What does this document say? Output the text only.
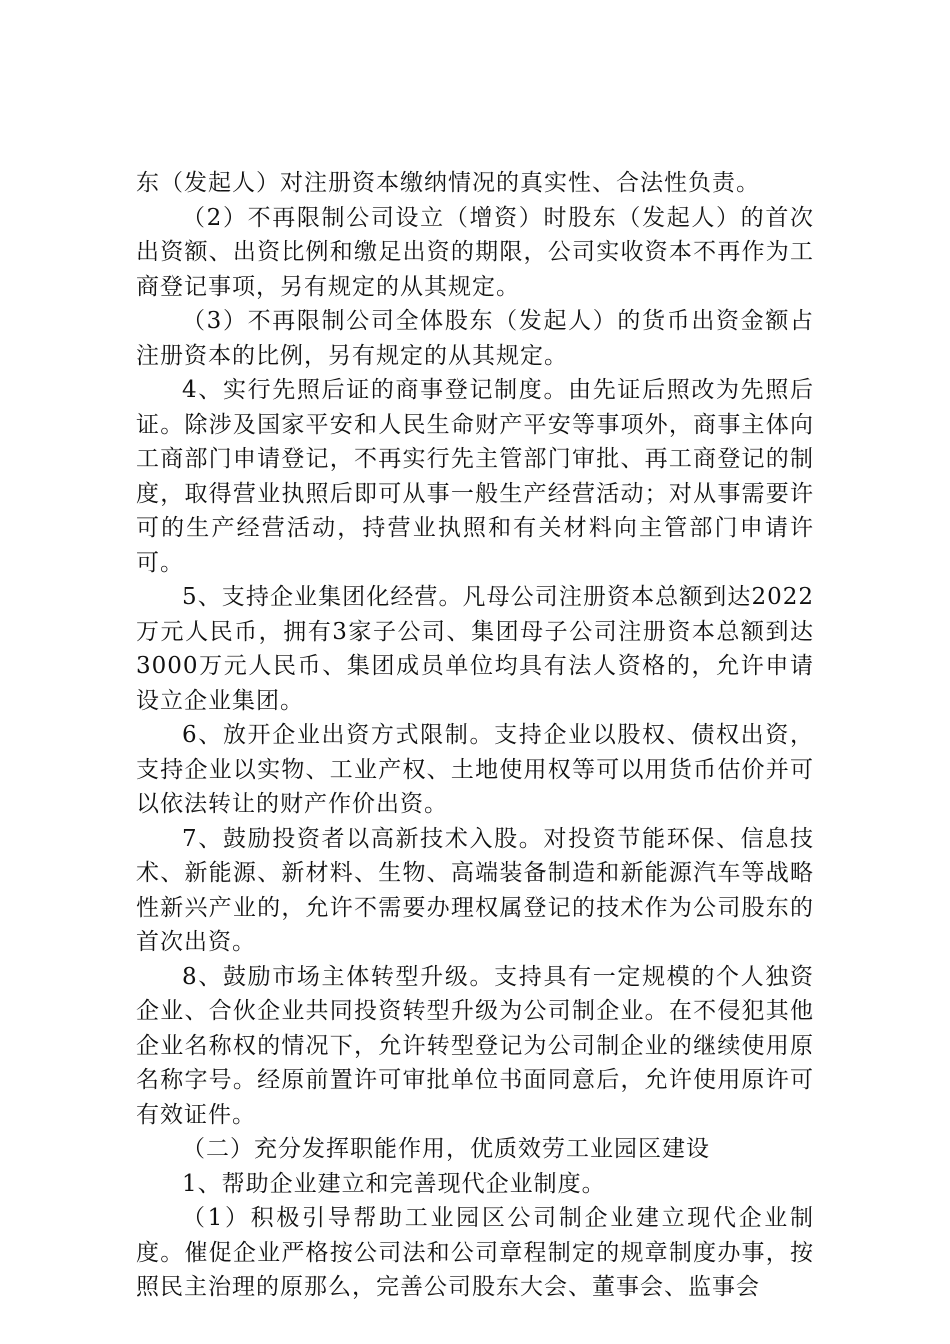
东（发起人）对注册资本缴纳情况的真实性、合法性负责。

（2）不再限制公司设立（增资）时股东（发起人）的首次出资额、出资比例和缴足出资的期限，公司实收资本不再作为工商登记事项，另有规定的从其规定。

（3）不再限制公司全体股东（发起人）的货币出资金额占注册资本的比例，另有规定的从其规定。

4、实行先照后证的商事登记制度。由先证后照改为先照后证。除涉及国家平安和人民生命财产平安等事项外，商事主体向工商部门申请登记，不再实行先主管部门审批、再工商登记的制度，取得营业执照后即可从事一般生产经营活动；对从事需要许可的生产经营活动，持营业执照和有关材料向主管部门申请许可。

5、支持企业集团化经营。凡母公司注册资本总额到达2022万元人民币，拥有3家子公司、集团母子公司注册资本总额到达3000万元人民币、集团成员单位均具有法人资格的，允许申请设立企业集团。

6、放开企业出资方式限制。支持企业以股权、债权出资，支持企业以实物、工业产权、土地使用权等可以用货币估价并可以依法转让的财产作价出资。

7、鼓励投资者以高新技术入股。对投资节能环保、信息技术、新能源、新材料、生物、高端装备制造和新能源汽车等战略性新兴产业的，允许不需要办理权属登记的技术作为公司股东的首次出资。

8、鼓励市场主体转型升级。支持具有一定规模的个人独资企业、合伙企业共同投资转型升级为公司制企业。在不侵犯其他企业名称权的情况下，允许转型登记为公司制企业的继续使用原名称字号。经原前置许可审批单位书面同意后，允许使用原许可有效证件。

（二）充分发挥职能作用，优质效劳工业园区建设

1、帮助企业建立和完善现代企业制度。

（1）积极引导帮助工业园区公司制企业建立现代企业制度。催促企业严格按公司法和公司章程制定的规章制度办事，按照民主治理的原那么，完善公司股东大会、董事会、监事会
